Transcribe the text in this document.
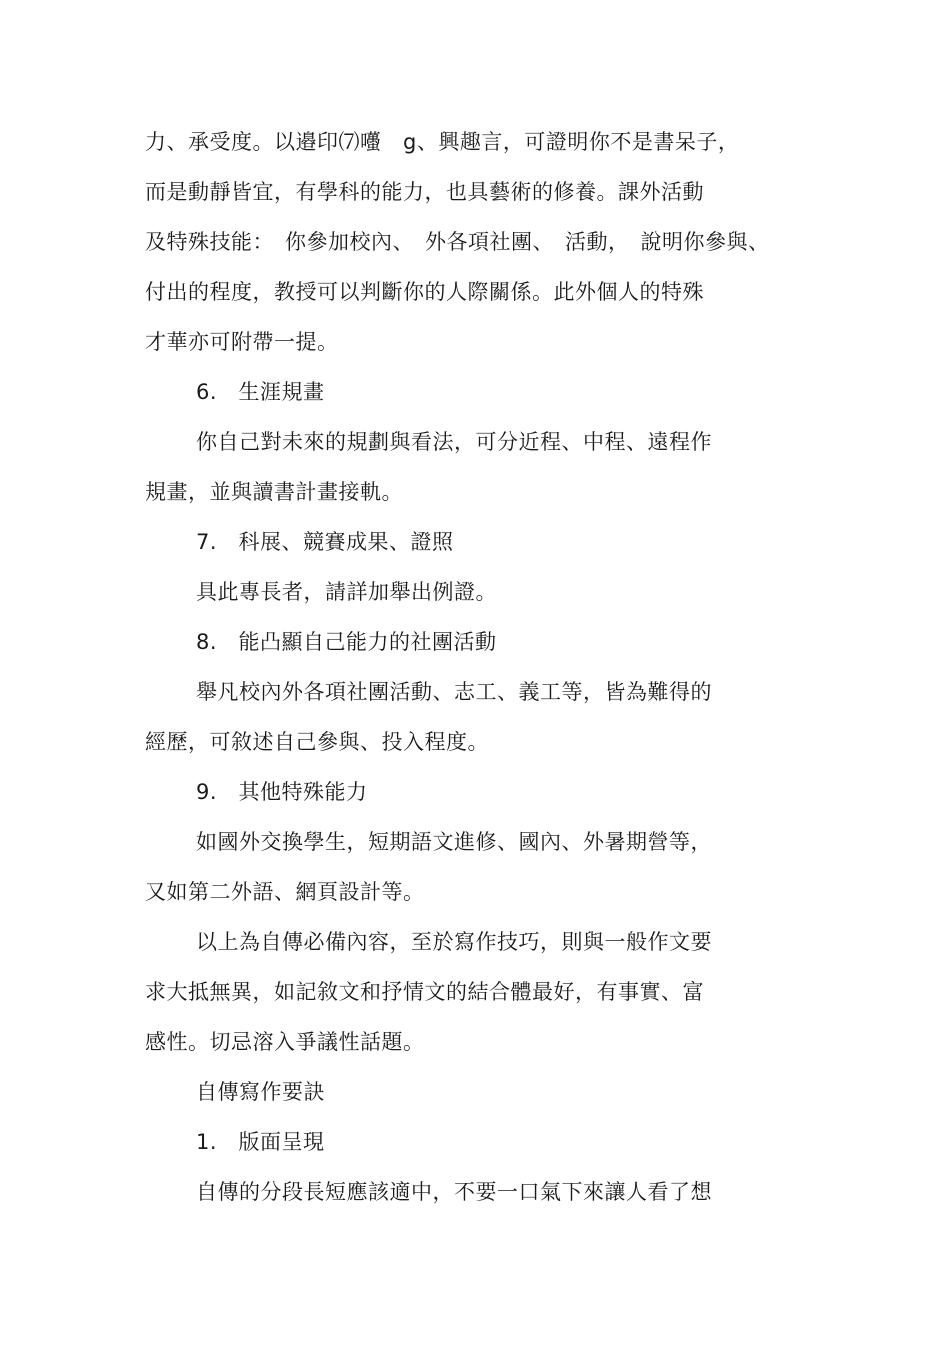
力、承受度。以邉印⑺囆　g、興趣言，可證明你不是書呆子，
而是動靜皆宜，有學科的能力，也具藝術的修養。課外活動
及特殊技能：　你參加校內、　外各項社團、　活動，　說明你參與、
付出的程度，教授可以判斷你的人際關係。此外個人的特殊
才華亦可附帶一提。
6.　生涯規畫
你自己對未來的規劃與看法，可分近程、中程、遠程作
規畫，並與讀書計畫接軌。
7.　科展、競賽成果、證照
具此專長者，請詳加舉出例證。
8.　能凸顯自己能力的社團活動
舉凡校內外各項社團活動、志工、義工等，皆為難得的
經歷，可敘述自己參與、投入程度。
9.　其他特殊能力
如國外交換學生，短期語文進修、國內、外暑期營等，
又如第二外語、網頁設計等。
以上為自傳必備內容，至於寫作技巧，則與一般作文要
求大抵無異，如記敘文和抒情文的結合體最好，有事實、富
感性。切忌溶入爭議性話題。
自傳寫作要訣
1.　版面呈現
自傳的分段長短應該適中，不要一口氣下來讓人看了想
